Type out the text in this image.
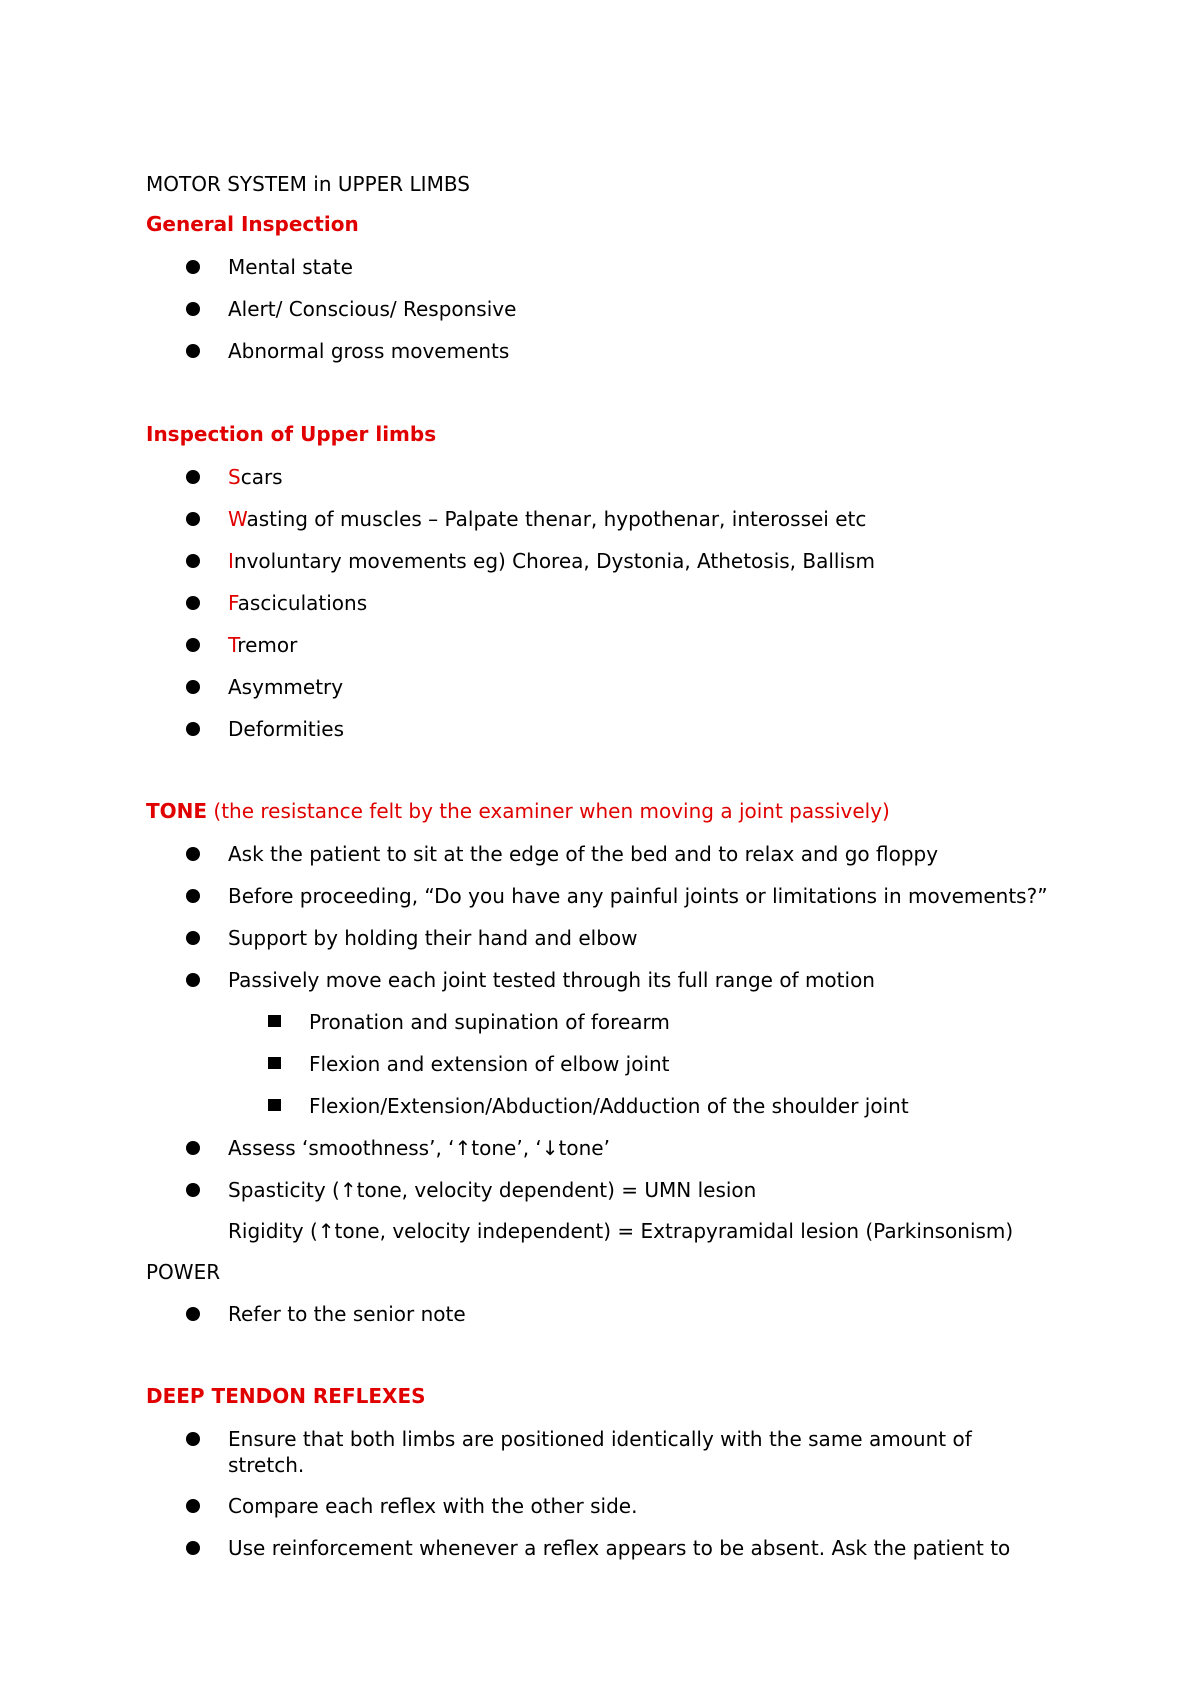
MOTOR SYSTEM in UPPER LIMBS
General Inspection
Mental state
Alert/ Conscious/ Responsive
Abnormal gross movements
Inspection of Upper limbs
Scars
Wasting of muscles – Palpate thenar, hypothenar, interossei etc
Involuntary movements eg) Chorea, Dystonia, Athetosis, Ballism
Fasciculations
Tremor
Asymmetry
Deformities
TONE (the resistance felt by the examiner when moving a joint passively)
Ask the patient to sit at the edge of the bed and to relax and go floppy
Before proceeding, “Do you have any painful joints or limitations in movements?”
Support by holding their hand and elbow
Passively move each joint tested through its full range of motion
Pronation and supination of forearm
Flexion and extension of elbow joint
Flexion/Extension/Abduction/Adduction of the shoulder joint
Assess ‘smoothness’, ‘↑tone’, ‘↓tone’
Spasticity (↑tone, velocity dependent) = UMN lesion
Rigidity (↑tone, velocity independent) = Extrapyramidal lesion (Parkinsonism)
POWER
Refer to the senior note
DEEP TENDON REFLEXES
Ensure that both limbs are positioned identically with the same amount of stretch.
Compare each reflex with the other side.
Use reinforcement whenever a reflex appears to be absent. Ask the patient to
